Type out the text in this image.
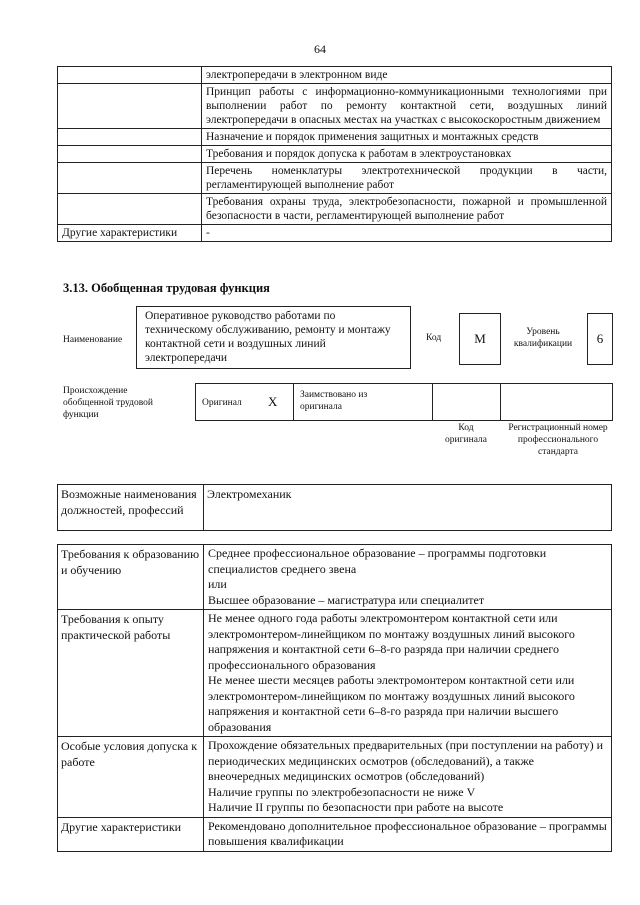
64
	электропередачи в электронном виде
	Принцип работы с информационно-коммуникационными технологиями при выполнении работ по ремонту контактной сети, воздушных линий электропередачи в опасных местах на участках с высокоскоростным движением
	Назначение и порядок применения защитных и монтажных средств
	Требования и порядок допуска к работам в электроустановках
	Перечень номенклатуры электротехнической продукции в части, регламентирующей выполнение работ
	Требования охраны труда, электробезопасности, пожарной и промышленной безопасности в части, регламентирующей выполнение работ
Другие характеристики	-
3.13. Обобщенная трудовая функция
Наименование
Оперативное руководство работами по техническому обслуживанию, ремонту и монтажу контактной сети и воздушных линий электропередачи
Код	M	Уровень квалификации 6
Происхождение обобщенной трудовой функции
Оригинал X Заимствовано из оригинала
Код оригинала
Регистрационный номер профессионального стандарта
Возможные наименования должностей, профессий	Электромеханик
Требования к образованию и обучению	Среднее профессиональное образование – программы подготовки специалистов среднего звена
или
Высшее образование – магистратура или специалитет

Требования к опыту практической работы	Не менее одного года работы электромонтером контактной сети или электромонтером-линейщиком по монтажу воздушных линий высокого напряжения и контактной сети 6–8-го разряда при наличии среднего профессионального образования
Не менее шести месяцев работы электромонтером контактной сети или электромонтером-линейщиком по монтажу воздушных линий высокого напряжения и контактной сети 6–8-го разряда при наличии высшего образования

Особые условия допуска к работе	Прохождение обязательных предварительных (при поступлении на работу) и периодических медицинских осмотров (обследований), а также внеочередных медицинских осмотров (обследований)
Наличие группы по электробезопасности не ниже V
Наличие II группы по безопасности при работе на высоте

Другие характеристики	Рекомендовано дополнительное профессиональное образование – программы повышения квалификации
